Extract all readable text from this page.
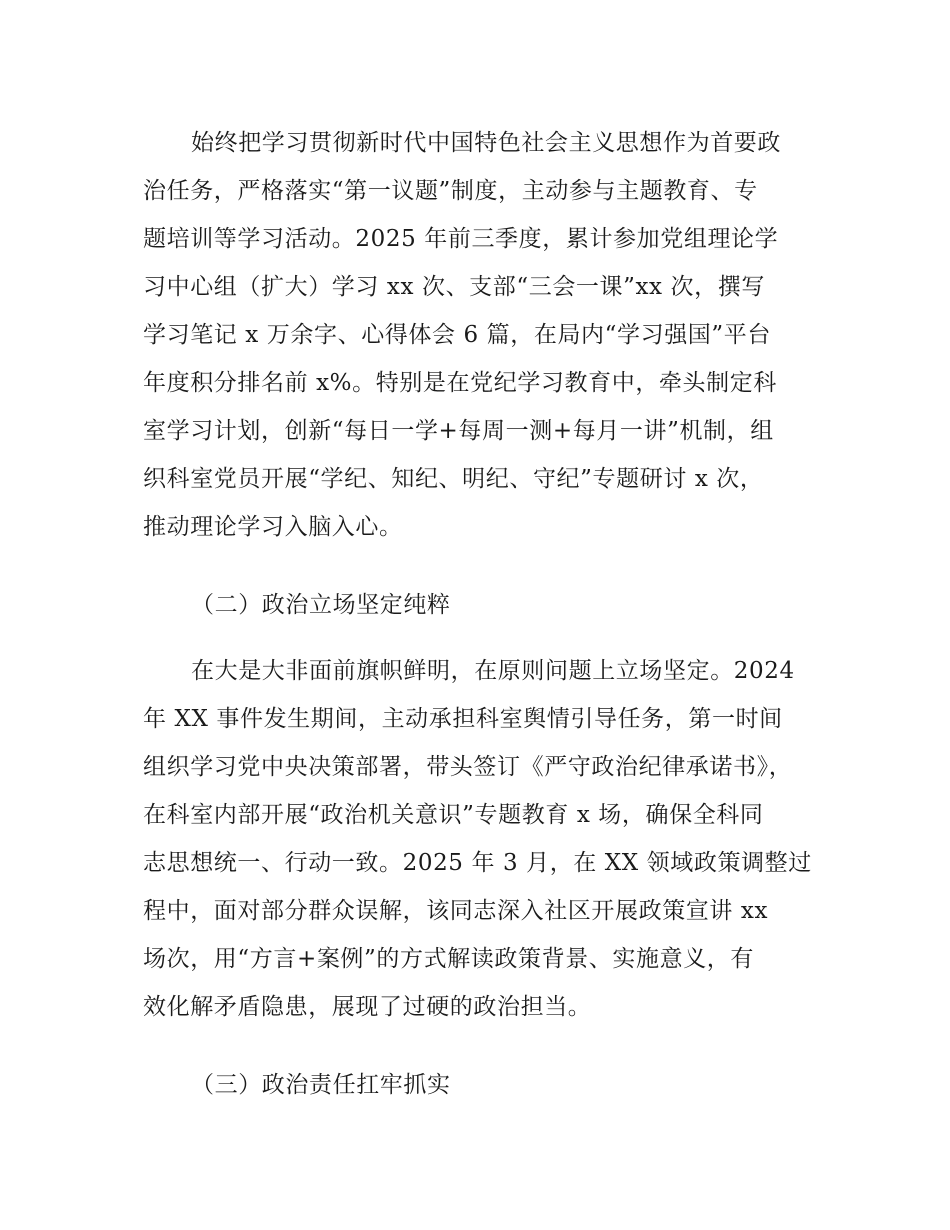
始终把学习贯彻新时代中国特色社会主义思想作为首要政
治任务，严格落实“第一议题”制度，主动参与主题教育、专
题培训等学习活动。2025 年前三季度，累计参加党组理论学
习中心组（扩大）学习 xx 次、支部“三会一课”xx 次，撰写
学习笔记 x 万余字、心得体会 6 篇，在局内“学习强国”平台
年度积分排名前 x%。特别是在党纪学习教育中，牵头制定科
室学习计划，创新“每日一学+每周一测+每月一讲”机制，组
织科室党员开展“学纪、知纪、明纪、守纪”专题研讨 x 次，
推动理论学习入脑入心。
（二）政治立场坚定纯粹
在大是大非面前旗帜鲜明，在原则问题上立场坚定。2024
年 XX 事件发生期间，主动承担科室舆情引导任务，第一时间
组织学习党中央决策部署，带头签订《严守政治纪律承诺书》，
在科室内部开展“政治机关意识”专题教育 x 场，确保全科同
志思想统一、行动一致。2025 年 3 月，在 XX 领域政策调整过
程中，面对部分群众误解，该同志深入社区开展政策宣讲 xx
场次，用“方言+案例”的方式解读政策背景、实施意义，有
效化解矛盾隐患，展现了过硬的政治担当。
（三）政治责任扛牢抓实
